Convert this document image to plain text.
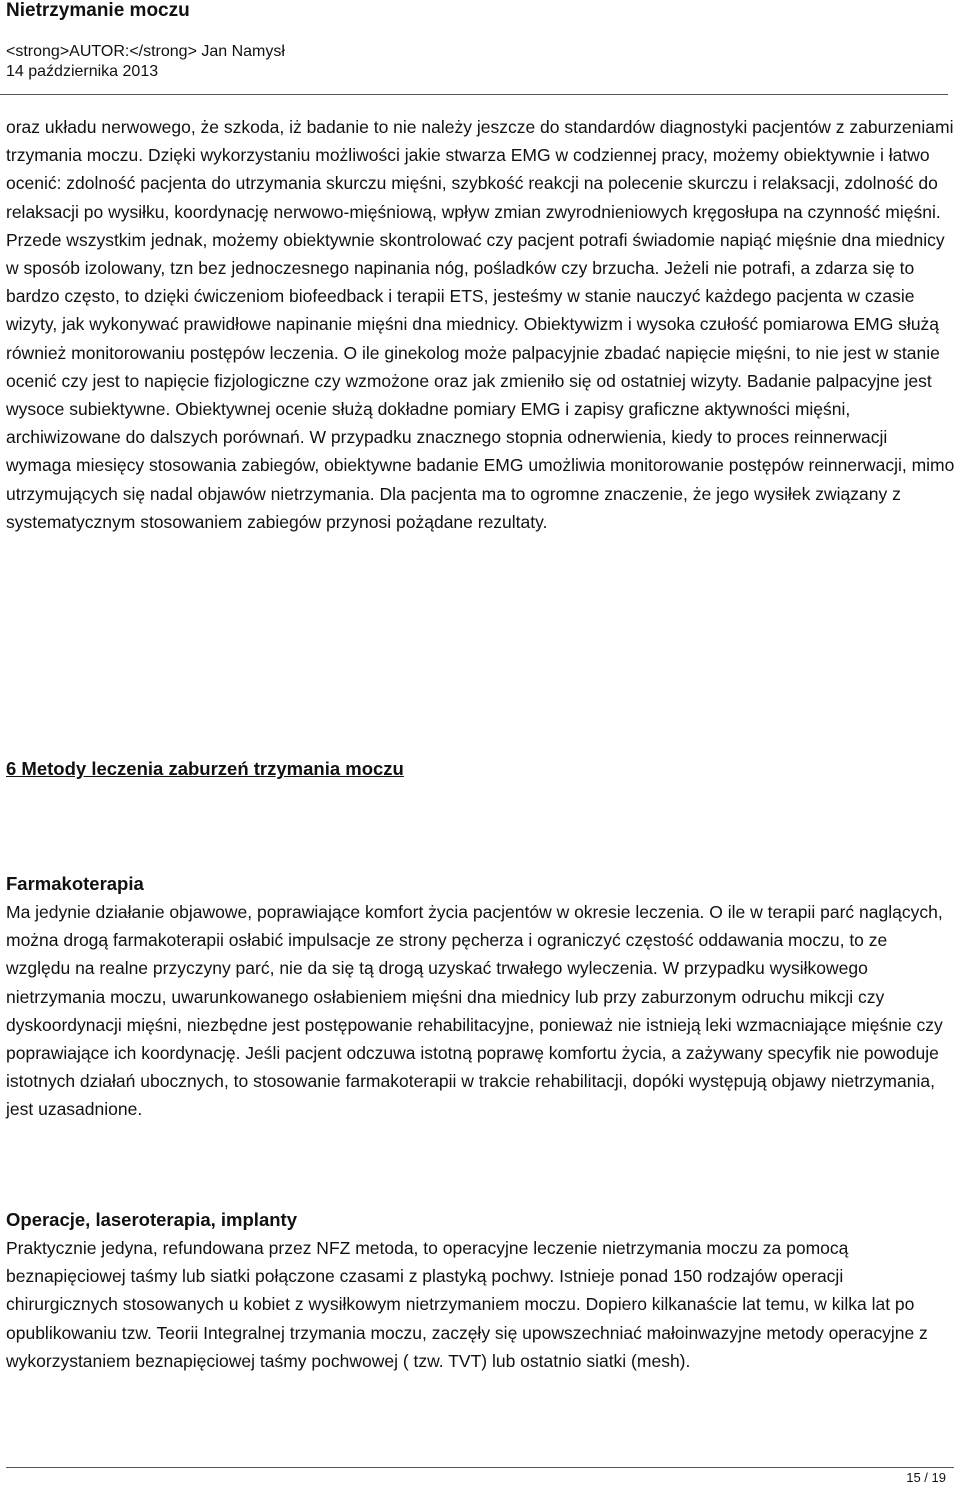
Nietrzymanie moczu

<strong>AUTOR:</strong> Jan Namysł

14 października 2013

oraz układu nerwowego, że szkoda, iż badanie to nie należy jeszcze do standardów diagnostyki pacjentów z zaburzeniami trzymania moczu. Dzięki wykorzystaniu możliwości jakie stwarza EMG w codziennej pracy, możemy obiektywnie i łatwo ocenić: zdolność pacjenta do utrzymania skurczu mięśni, szybkość reakcji na polecenie skurczu i relaksacji, zdolność do relaksacji po wysiłku, koordynację nerwowo-mięśniową, wpływ zmian zwyrodnieniowych kręgosłupa na czynność mięśni. Przede wszystkim jednak, możemy obiektywnie skontrolować czy pacjent potrafi świadomie napiąć mięśnie dna miednicy w sposób izolowany, tzn bez jednoczesnego napinania nóg, pośladków czy brzucha. Jeżeli nie potrafi, a zdarza się to bardzo często, to dzięki ćwiczeniom biofeedback i terapii ETS, jesteśmy w stanie nauczyć każdego pacjenta w czasie wizyty, jak wykonywać prawidłowe napinanie mięśni dna miednicy. Obiektywizm i wysoka czułość pomiarowa EMG służą również monitorowaniu postępów leczenia. O ile ginekolog może palpacyjnie zbadać napięcie mięśni, to nie jest w stanie ocenić czy jest to napięcie fizjologiczne czy wzmożone oraz jak zmieniło się od ostatniej wizyty. Badanie palpacyjne jest wysoce subiektywne. Obiektywnej ocenie służą dokładne pomiary EMG i zapisy graficzne aktywności mięśni, archiwizowane do dalszych porównań. W przypadku znacznego stopnia odnerwienia, kiedy to proces reinnerwacji wymaga miesięcy stosowania zabiegów, obiektywne badanie EMG umożliwia monitorowanie postępów reinnerwacji, mimo utrzymujących się nadal objawów nietrzymania. Dla pacjenta ma to ogromne znaczenie, że jego wysiłek związany z systematycznym stosowaniem zabiegów przynosi pożądane rezultaty.

6 Metody leczenia zaburzeń trzymania moczu
Farmakoterapia

Ma jedynie działanie objawowe, poprawiające komfort życia pacjentów w okresie leczenia. O ile w terapii parć naglących, można drogą farmakoterapii osłabić impulsacje ze strony pęcherza i ograniczyć częstość oddawania moczu, to ze względu na realne przyczyny parć, nie da się tą drogą uzyskać trwałego wyleczenia. W przypadku wysiłkowego nietrzymania moczu, uwarunkowanego osłabieniem mięśni dna miednicy lub przy zaburzonym odruchu mikcji czy dyskoordynacji mięśni, niezbędne jest postępowanie rehabilitacyjne, ponieważ nie istnieją leki wzmacniające mięśnie czy poprawiające ich koordynację. Jeśli pacjent odczuwa istotną poprawę komfortu życia, a zażywany specyfik nie powoduje istotnych działań ubocznych, to stosowanie farmakoterapii w trakcie rehabilitacji, dopóki występują objawy nietrzymania, jest uzasadnione.

Operacje, laseroterapia, implanty

Praktycznie jedyna, refundowana przez NFZ metoda, to operacyjne leczenie nietrzymania moczu za pomocą beznapięciowej taśmy lub siatki połączone czasami z plastyką pochwy. Istnieje ponad 150 rodzajów operacji chirurgicznych stosowanych u kobiet z wysiłkowym nietrzymaniem moczu. Dopiero kilkanaście lat temu, w kilka lat po opublikowaniu tzw. Teorii Integralnej trzymania moczu, zaczęły się upowszechniać małoinwazyjne metody operacyjne z wykorzystaniem beznapięciowej taśmy pochwowej ( tzw. TVT) lub ostatnio siatki (mesh).

15 / 19
